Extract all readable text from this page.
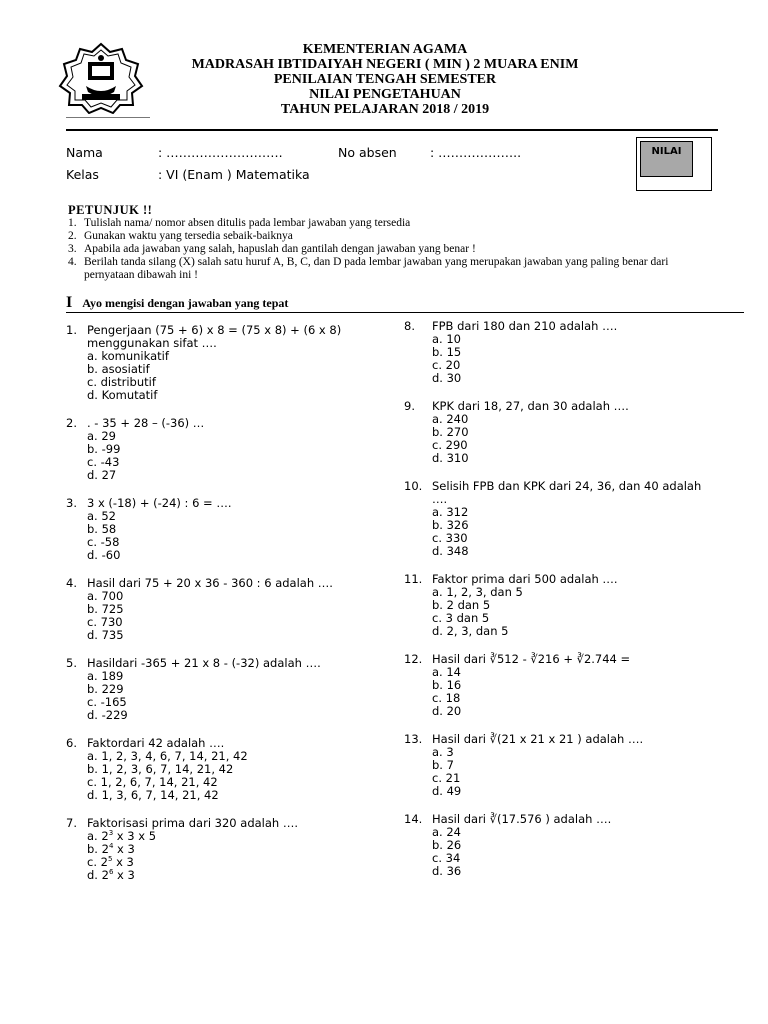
KEMENTERIAN AGAMA
MADRASAH IBTIDAIYAH NEGERI ( MIN ) 2 MUARA ENIM
PENILAIAN TENGAH SEMESTER
NILAI PENGETAHUAN
TAHUN PELAJARAN 2018 / 2019
Nama	: ……………………….	No absen	: ………………..
Kelas	: VI (Enam ) Matematika
NILAI
PETUNJUK !!
1. Tulislah nama/ nomor absen ditulis pada lembar jawaban yang tersedia
2. Gunakan waktu yang tersedia sebaik-baiknya
3. Apabila ada jawaban yang salah, hapuslah dan gantilah dengan jawaban yang benar !
4. Berilah tanda silang (X) salah satu huruf A, B, C, dan D pada lembar jawaban yang merupakan jawaban yang paling benar dari pernyataan dibawah ini !
I Ayo mengisi dengan jawaban yang tepat
1. Pengerjaan (75 + 6) x 8 = (75 x 8) + (6 x 8) menggunakan sifat ….
a. komunikatif
b. asosiatif
c. distributif
d. Komutatif
2. . - 35 + 28 – (-36) …
a. 29
b. -99
c. -43
d. 27
3. 3 x (-18) + (-24) : 6 = ….
a. 52
b. 58
c. -58
d. -60
4. Hasil dari 75 + 20 x 36 - 360 : 6 adalah ….
a. 700
b. 725
c. 730
d. 735
5. Hasildari -365 + 21 x 8 - (-32) adalah ….
a. 189
b. 229
c. -165
d. -229
6. Faktordari 42 adalah ….
a. 1, 2, 3, 4, 6, 7, 14, 21, 42
b. 1, 2, 3, 6, 7, 14, 21, 42
c. 1, 2, 6, 7, 14, 21, 42
d. 1, 3, 6, 7, 14, 21, 42
7. Faktorisasi prima dari 320 adalah ….
a. $2^3$ x 3 x 5
b. $2^4$ x 3
c. $2^5$ x 3
d. $2^6$ x 3
8.	FPB dari 180 dan 210 adalah ….
a. 10
b. 15
c. 20
d. 30
9.	KPK dari 18, 27, dan 30 adalah ….
a. 240
b. 270
c. 290
d. 310
10. Selisih FPB dan KPK dari 24, 36, dan 40 adalah ….
a. 312
b. 326
c. 330
d. 348
11. Faktor prima dari 500 adalah ….
a. 1, 2, 3, dan 5
b. 2 dan 5
c. 3 dan 5
d. 2, 3, dan 5
12. Hasil dari ∛512 - ∛216 + ∛2.744 =
a. 14
b. 16
c. 18
d. 20
13. Hasil dari ∛(21 x 21 x 21 ) adalah ….
a. 3
b. 7
c. 21
d. 49
14. Hasil dari ∛(17.576 ) adalah ….
a. 24
b. 26
c. 34
d. 36
